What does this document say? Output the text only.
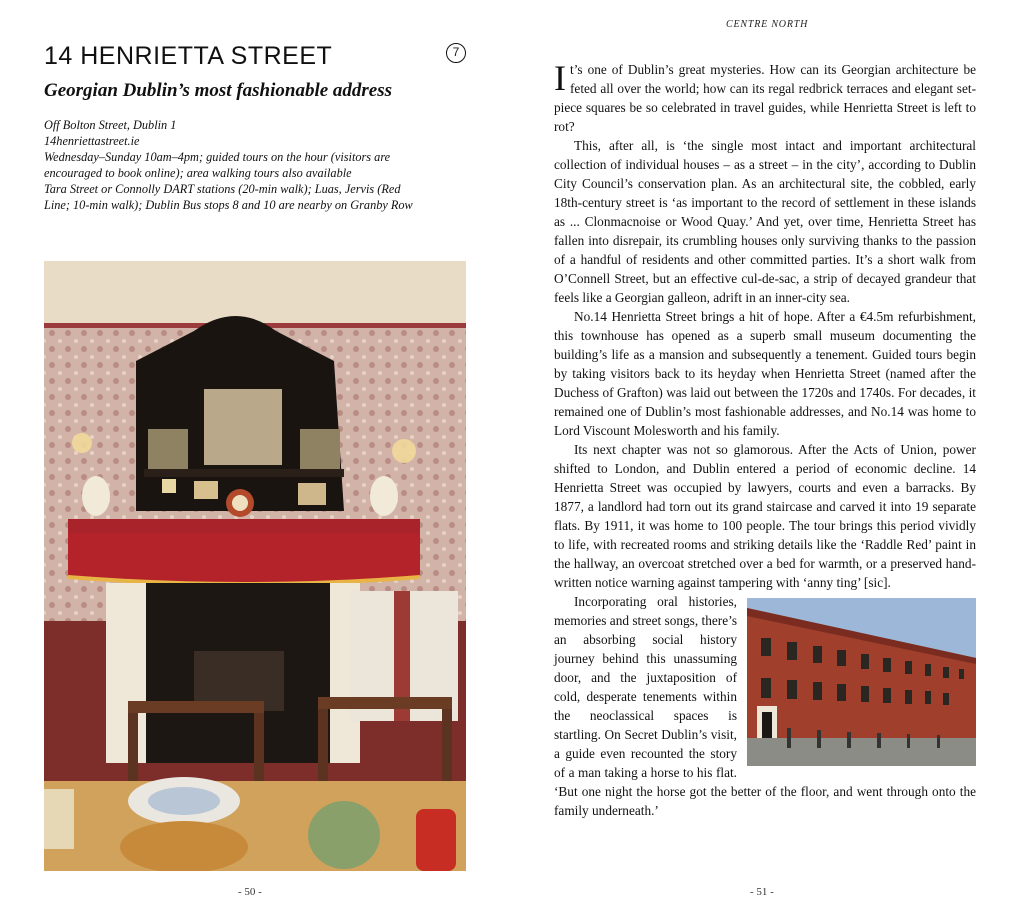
14 HENRIETTA STREET	7
Georgian Dublin’s most fashionable address
Off Bolton Street, Dublin 1
14henriettastreet.ie
Wednesday–Sunday 10am–4pm; guided tours on the hour (visitors are
encouraged to book online); area walking tours also available
Tara Street or Connolly DART stations (20-min walk); Luas, Jervis (Red
Line; 10-min walk); Dublin Bus stops 8 and 10 are nearby on Granby Row
- 50 -
CENTRE NORTH

It’s one of Dublin’s great mysteries. How can its Georgian architecture be feted all over the world; how can its regal redbrick terraces and elegant set-piece squares be so celebrated in travel guides, while Henrietta Street is left to rot?

This, after all, is ‘the single most intact and important architectural collection of individual houses – as a street – in the city’, according to Dublin City Council’s conservation plan. As an architectural site, the cobbled, early 18th-century street is ‘as important to the record of settlement in these islands as ... Clonmacnoise or Wood Quay.’ And yet, over time, Henrietta Street has fallen into disrepair, its crumbling houses only surviving thanks to the passion of a handful of residents and other committed parties. It’s a short walk from O’Connell Street, but an effective cul-de-sac, a strip of decayed grandeur that feels like a Georgian galleon, adrift in an inner-city sea.

No.14 Henrietta Street brings a hit of hope. After a €4.5m refurbishment, this townhouse has opened as a superb small museum documenting the building’s life as a mansion and subsequently a tenement. Guided tours begin by taking visitors back to its heyday when Henrietta Street (named after the Duchess of Grafton) was laid out between the 1720s and 1740s. For decades, it remained one of Dublin’s most fashionable addresses, and No.14 was home to Lord Viscount Molesworth and his family.

Its next chapter was not so glamorous. After the Acts of Union, power shifted to London, and Dublin entered a period of economic decline. 14 Henrietta Street was occupied by lawyers, courts and even a barracks. By 1877, a landlord had torn out its grand staircase and carved it into 19 separate flats. By 1911, it was home to 100 people. The tour brings this period vividly to life, with recreated rooms and striking details like the ‘Raddle Red’ paint in the hallway, an overcoat stretched over a bed for warmth, or a preserved hand-written notice warning against tampering with ‘anny ting’ [sic].

Incorporating oral histories, memories and street songs, there’s an absorbing social history journey behind this unassuming door, and the juxtaposition of cold, desperate tenements within the neoclassical spaces is startling. On Secret Dublin’s visit, a guide even recounted the story of a man taking a horse to his flat. ‘But one night the horse got the better of the floor, and went through onto the family underneath.’

- 51 -
